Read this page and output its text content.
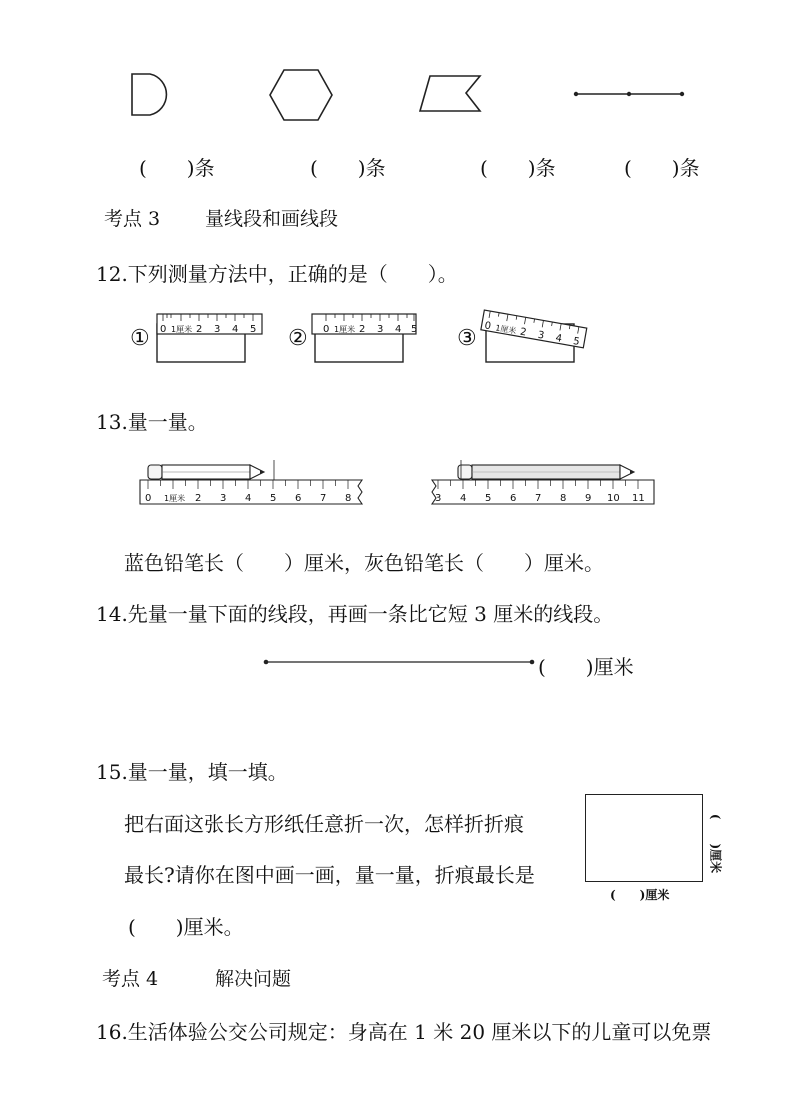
(　　)条	(　　)条	(　　)条	(　　)条
考点 3 量线段和画线段
12.下列测量方法中，正确的是（　　）。
① 0 1厘米 2 3 4 5 ② 0 1厘米 2 3 4 5 ③ 0 1厘米 2 3 4 5
13.量一量。
0 1厘米 2 3 4 5 6 7 8	3 4 5 6 7 8 9 10 11
蓝色铅笔长（　　）厘米，灰色铅笔长（　　）厘米。
14.先量一量下面的线段，再画一条比它短 3 厘米的线段。
(　　)厘米
15.量一量，填一填。
把右面这张长方形纸任意折一次，怎样折折痕
最长?请你在图中画一画，量一量，折痕最长是
(　　)厘米。
(　　)厘米
(　　)厘米
考点 4	解决问题
16.生活体验公交公司规定：身高在 1 米 20 厘米以下的儿童可以免票
